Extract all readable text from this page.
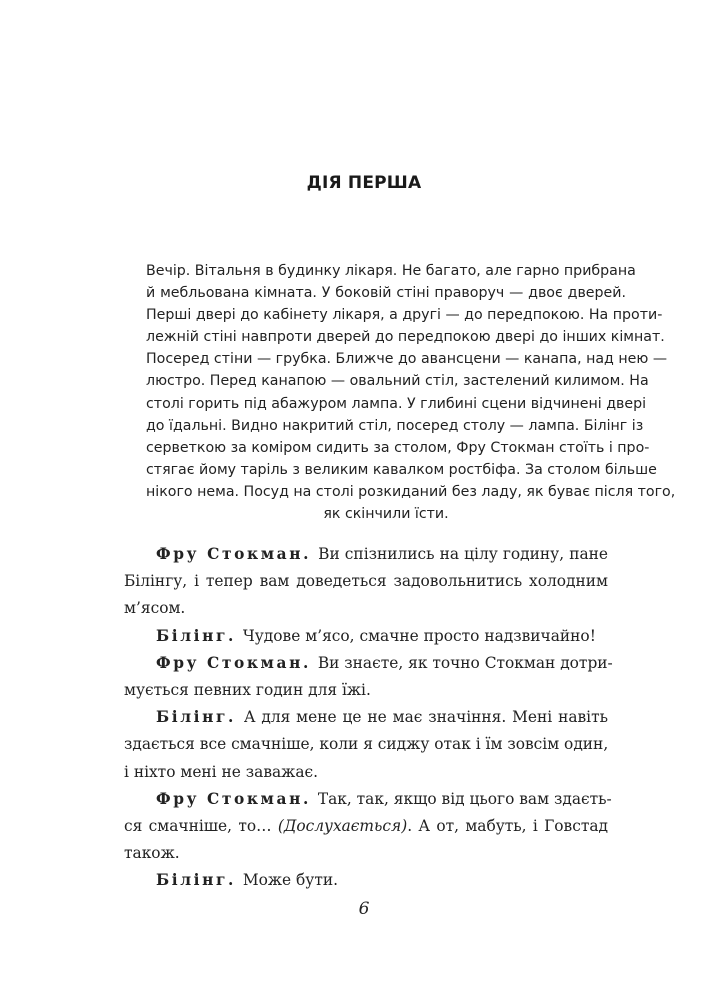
ДІЯ ПЕРША
Вечір. Вітальня в будинку лікаря. Не багато, але гарно прибрана
й мебльована кімната. У боковій стіні праворуч — двоє дверей.
Перші двері до кабінету лікаря, а другі — до передпокою. На проти-
лежній стіні навпроти дверей до передпокою двері до інших кімнат.
Посеред стіни — грубка. Ближче до авансцени — канапа, над нею —
люстро. Перед канапою — овальний стіл, застелений килимом. На
столі горить під абажуром лампа. У глибині сцени відчинені двері
до їдальні. Видно накритий стіл, посеред столу — лампа. Білінг із
серветкою за коміром сидить за столом, Фру Стокман стоїть і про-
стягає йому таріль з великим кавалком ростбіфа. За столом більше
нікого нема. Посуд на столі розкиданий без ладу, як буває після того,
як скінчили їсти.

Фру Стокман. Ви спізнились на цілу годину, пане
Білінгу, і тепер вам доведеться задовольнитись холодним
м’ясом.

Білінг. Чудове м’ясо, смачне просто надзвичайно!

Фру Стокман. Ви знаєте, як точно Стокман дотри-
мується певних годин для їжі.

Білінг. А для мене це не має значіння. Мені навіть
здається все смачніше, коли я сиджу отак і їм зовсім один,
і ніхто мені не заважає.

Фру Стокман. Так, так, якщо від цього вам здаєть-
ся смачніше, то… (Дослухається). А от, мабуть, і Говстад
також.

Білінг. Може бути.

6
